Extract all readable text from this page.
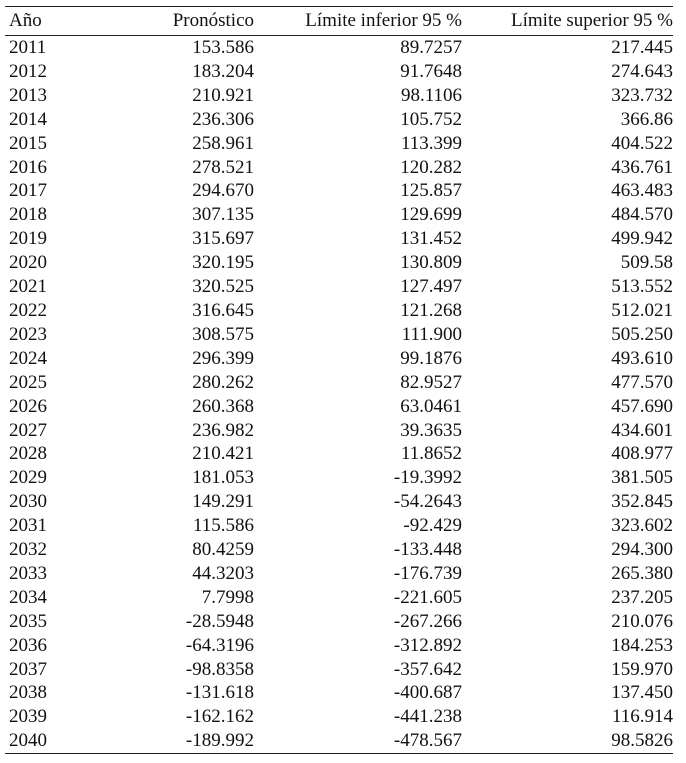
Año	Pronóstico	Límite inferior 95 %	Límite superior 95 %
2011	153.586	89.7257	217.445
2012	183.204	91.7648	274.643
2013	210.921	98.1106	323.732
2014	236.306	105.752	366.86
2015	258.961	113.399	404.522
2016	278.521	120.282	436.761
2017	294.670	125.857	463.483
2018	307.135	129.699	484.570
2019	315.697	131.452	499.942
2020	320.195	130.809	509.58
2021	320.525	127.497	513.552
2022	316.645	121.268	512.021
2023	308.575	111.900	505.250
2024	296.399	99.1876	493.610
2025	280.262	82.9527	477.570
2026	260.368	63.0461	457.690
2027	236.982	39.3635	434.601
2028	210.421	11.8652	408.977
2029	181.053	-19.3992	381.505
2030	149.291	-54.2643	352.845
2031	115.586	-92.429	323.602
2032	80.4259	-133.448	294.300
2033	44.3203	-176.739	265.380
2034	7.7998	-221.605	237.205
2035	-28.5948	-267.266	210.076
2036	-64.3196	-312.892	184.253
2037	-98.8358	-357.642	159.970
2038	-131.618	-400.687	137.450
2039	-162.162	-441.238	116.914
2040	-189.992	-478.567	98.5826
